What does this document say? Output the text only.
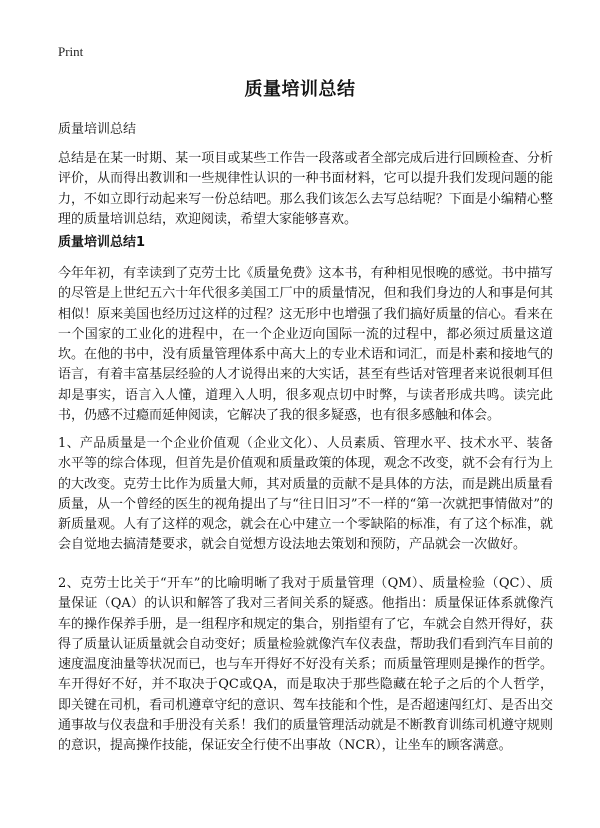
Print
质量培训总结
质量培训总结
总结是在某一时期、某一项目或某些工作告一段落或者全部完成后进行回顾检查、分析评价，从而得出教训和一些规律性认识的一种书面材料，它可以提升我们发现问题的能力，不如立即行动起来写一份总结吧。那么我们该怎么去写总结呢？下面是小编精心整理的质量培训总结，欢迎阅读，希望大家能够喜欢。
质量培训总结1
今年年初，有幸读到了克劳士比《质量免费》这本书，有种相见恨晚的感觉。书中描写的尽管是上世纪五六十年代很多美国工厂中的质量情况，但和我们身边的人和事是何其相似！原来美国也经历过这样的过程？这无形中也增强了我们搞好质量的信心。看来在一个国家的工业化的进程中，在一个企业迈向国际一流的过程中，都必须过质量这道坎。在他的书中，没有质量管理体系中高大上的专业术语和词汇，而是朴素和接地气的语言，有着丰富基层经验的人才说得出来的大实话，甚至有些话对管理者来说很刺耳但却是事实，语言入人懂，道理入人明，很多观点切中时弊，与读者形成共鸣。读完此书，仍感不过瘾而延伸阅读，它解决了我的很多疑惑，也有很多感触和体会。
1、产品质量是一个企业价值观（企业文化）、人员素质、管理水平、技术水平、装备水平等的综合体现，但首先是价值观和质量政策的体现，观念不改变，就不会有行为上的大改变。克劳士比作为质量大师，其对质量的贡献不是具体的方法，而是跳出质量看质量，从一个曾经的医生的视角提出了与“往日旧习”不一样的“第一次就把事情做对”的新质量观。人有了这样的观念，就会在心中建立一个零缺陷的标准，有了这个标准，就会自觉地去搞清楚要求，就会自觉想方设法地去策划和预防，产品就会一次做好。
2、克劳士比关于“开车”的比喻明晰了我对于质量管理（QM）、质量检验（QC）、质量保证（QA）的认识和解答了我对三者间关系的疑惑。他指出：质量保证体系就像汽车的操作保养手册，是一组程序和规定的集合，别指望有了它，车就会自然开得好，获得了质量认证质量就会自动变好；质量检验就像汽车仪表盘，帮助我们看到汽车目前的速度温度油量等状况而已，也与车开得好不好没有关系；而质量管理则是操作的哲学。车开得好不好，并不取决于QC或QA，而是取决于那些隐藏在轮子之后的个人哲学，即关键在司机，看司机遵章守纪的意识、驾车技能和个性，是否超速闯红灯、是否出交通事故与仪表盘和手册没有关系！我们的质量管理活动就是不断教育训练司机遵守规则的意识，提高操作技能，保证安全行使不出事故（NCR），让坐车的顾客满意。
